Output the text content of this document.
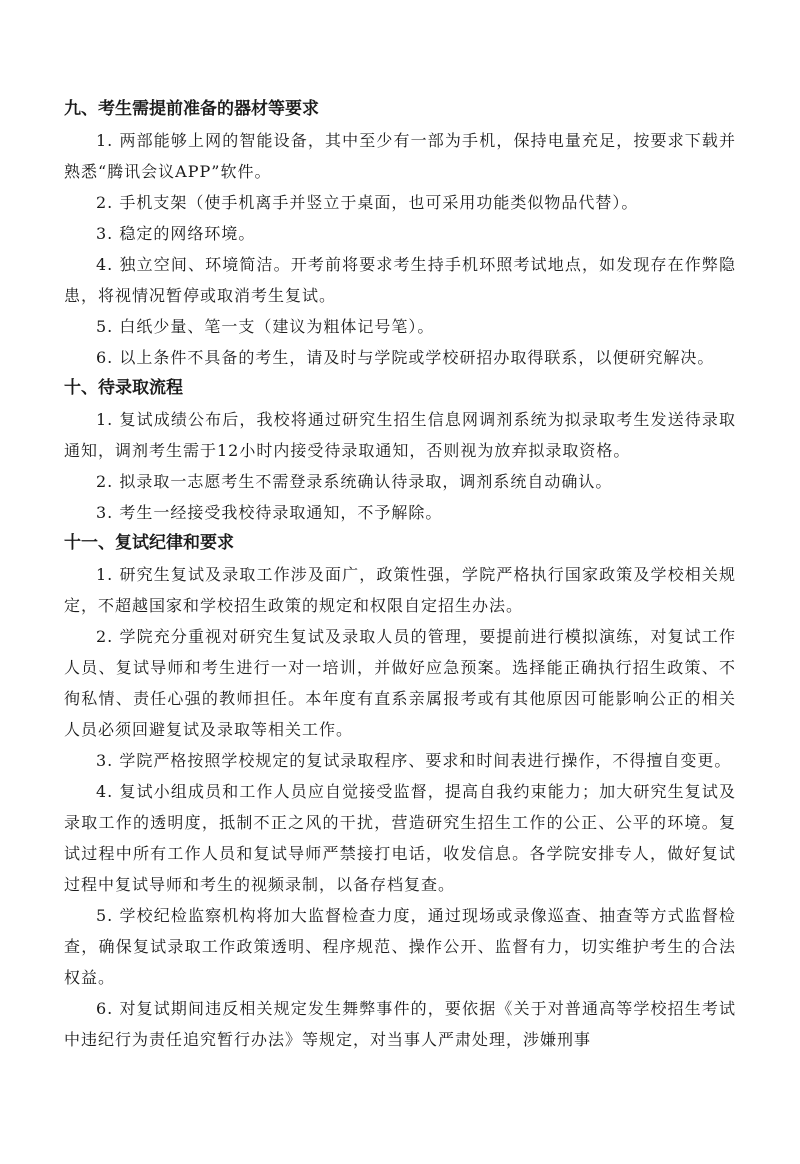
九、考生需提前准备的器材等要求

1. 两部能够上网的智能设备，其中至少有一部为手机，保持电量充足，按要求下载并熟悉“腾讯会议APP”软件。

2. 手机支架（使手机离手并竖立于桌面，也可采用功能类似物品代替）。

3. 稳定的网络环境。

4. 独立空间、环境简洁。开考前将要求考生持手机环照考试地点，如发现存在作弊隐患，将视情况暂停或取消考生复试。

5. 白纸少量、笔一支（建议为粗体记号笔）。

6. 以上条件不具备的考生，请及时与学院或学校研招办取得联系，以便研究解决。

十、待录取流程

1. 复试成绩公布后，我校将通过研究生招生信息网调剂系统为拟录取考生发送待录取通知，调剂考生需于12小时内接受待录取通知，否则视为放弃拟录取资格。

2. 拟录取一志愿考生不需登录系统确认待录取，调剂系统自动确认。

3. 考生一经接受我校待录取通知，不予解除。

十一、复试纪律和要求

1. 研究生复试及录取工作涉及面广，政策性强，学院严格执行国家政策及学校相关规定，不超越国家和学校招生政策的规定和权限自定招生办法。

2. 学院充分重视对研究生复试及录取人员的管理，要提前进行模拟演练，对复试工作人员、复试导师和考生进行一对一培训，并做好应急预案。选择能正确执行招生政策、不徇私情、责任心强的教师担任。本年度有直系亲属报考或有其他原因可能影响公正的相关人员必须回避复试及录取等相关工作。

3. 学院严格按照学校规定的复试录取程序、要求和时间表进行操作，不得擅自变更。

4. 复试小组成员和工作人员应自觉接受监督，提高自我约束能力；加大研究生复试及录取工作的透明度，抵制不正之风的干扰，营造研究生招生工作的公正、公平的环境。复试过程中所有工作人员和复试导师严禁接打电话，收发信息。各学院安排专人，做好复试过程中复试导师和考生的视频录制，以备存档复查。

5. 学校纪检监察机构将加大监督检查力度，通过现场或录像巡查、抽查等方式监督检查，确保复试录取工作政策透明、程序规范、操作公开、监督有力，切实维护考生的合法权益。

6. 对复试期间违反相关规定发生舞弊事件的，要依据《关于对普通高等学校招生考试中违纪行为责任追究暂行办法》等规定，对当事人严肃处理，涉嫌刑事
